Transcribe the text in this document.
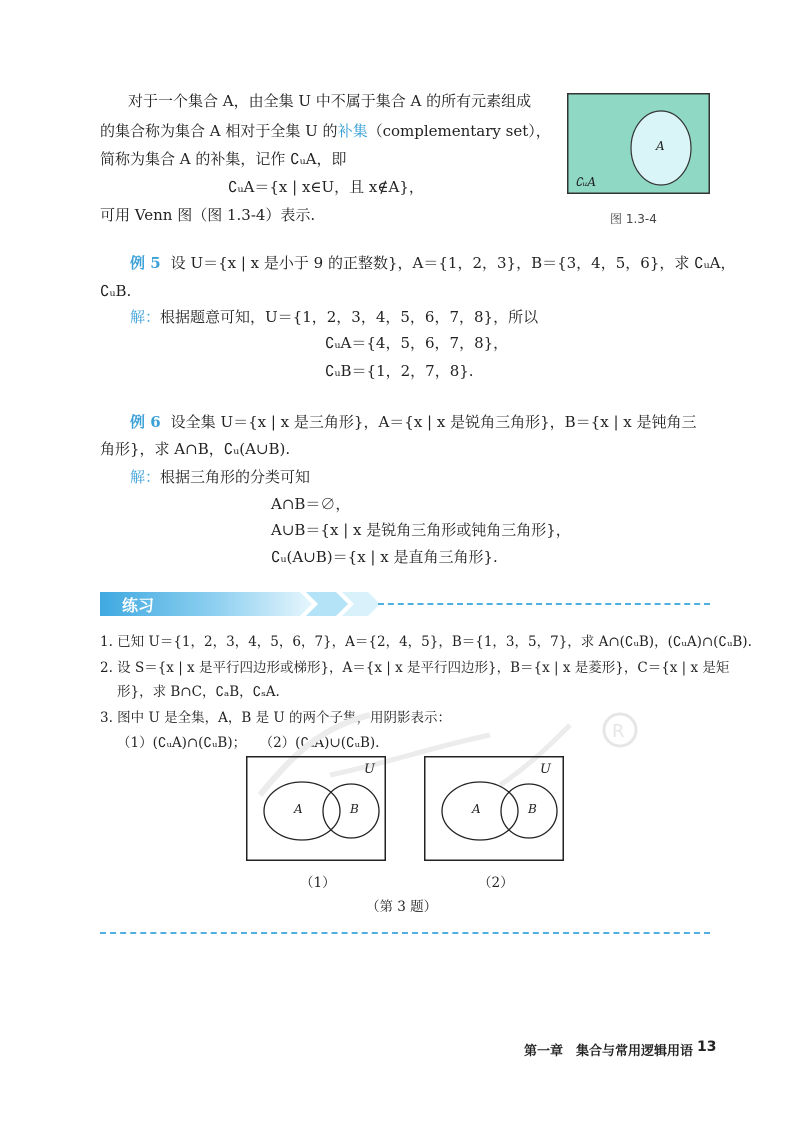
对于一个集合 A，由全集 U 中不属于集合 A 的所有元素组成
的集合称为集合 A 相对于全集 U 的补集（complementary set），
简称为集合 A 的补集，记作 ∁ᵤA，即
∁ᵤA＝{x | x∈U，且 x∉A}，
可用 Venn 图（图 1.3-4）表示.
A
∁ᵤA
图 1.3-4
例 5 设 U＝{x | x 是小于 9 的正整数}，A＝{1，2，3}，B＝{3，4，5，6}，求 ∁ᵤA，
∁ᵤB.
解：根据题意可知，U＝{1，2，3，4，5，6，7，8}，所以
∁ᵤA＝{4，5，6，7，8}，
∁ᵤB＝{1，2，7，8}.
例 6 设全集 U＝{x | x 是三角形}，A＝{x | x 是锐角三角形}，B＝{x | x 是钝角三
角形}，求 A∩B，∁ᵤ(A∪B).
解：根据三角形的分类可知
A∩B＝∅，
A∪B＝{x | x 是锐角三角形或钝角三角形}，
∁ᵤ(A∪B)＝{x | x 是直角三角形}.
练习
1. 已知 U＝{1，2，3，4，5，6，7}，A＝{2，4，5}，B＝{1，3，5，7}，求 A∩(∁ᵤB)，(∁ᵤA)∩(∁ᵤB).
2. 设 S＝{x | x 是平行四边形或梯形}，A＝{x | x 是平行四边形}，B＝{x | x 是菱形}，C＝{x | x 是矩
形}，求 B∩C，∁ₐB，∁ₛA.
3. 图中 U 是全集，A，B 是 U 的两个子集，用阴影表示：
（1）(∁ᵤA)∩(∁ᵤB)；　　（2）(∁ᵤA)∪(∁ᵤB).
R
U
A	B
（1）
U
A	B
（2）
（第 3 题）
第一章　集合与常用逻辑用语 13
